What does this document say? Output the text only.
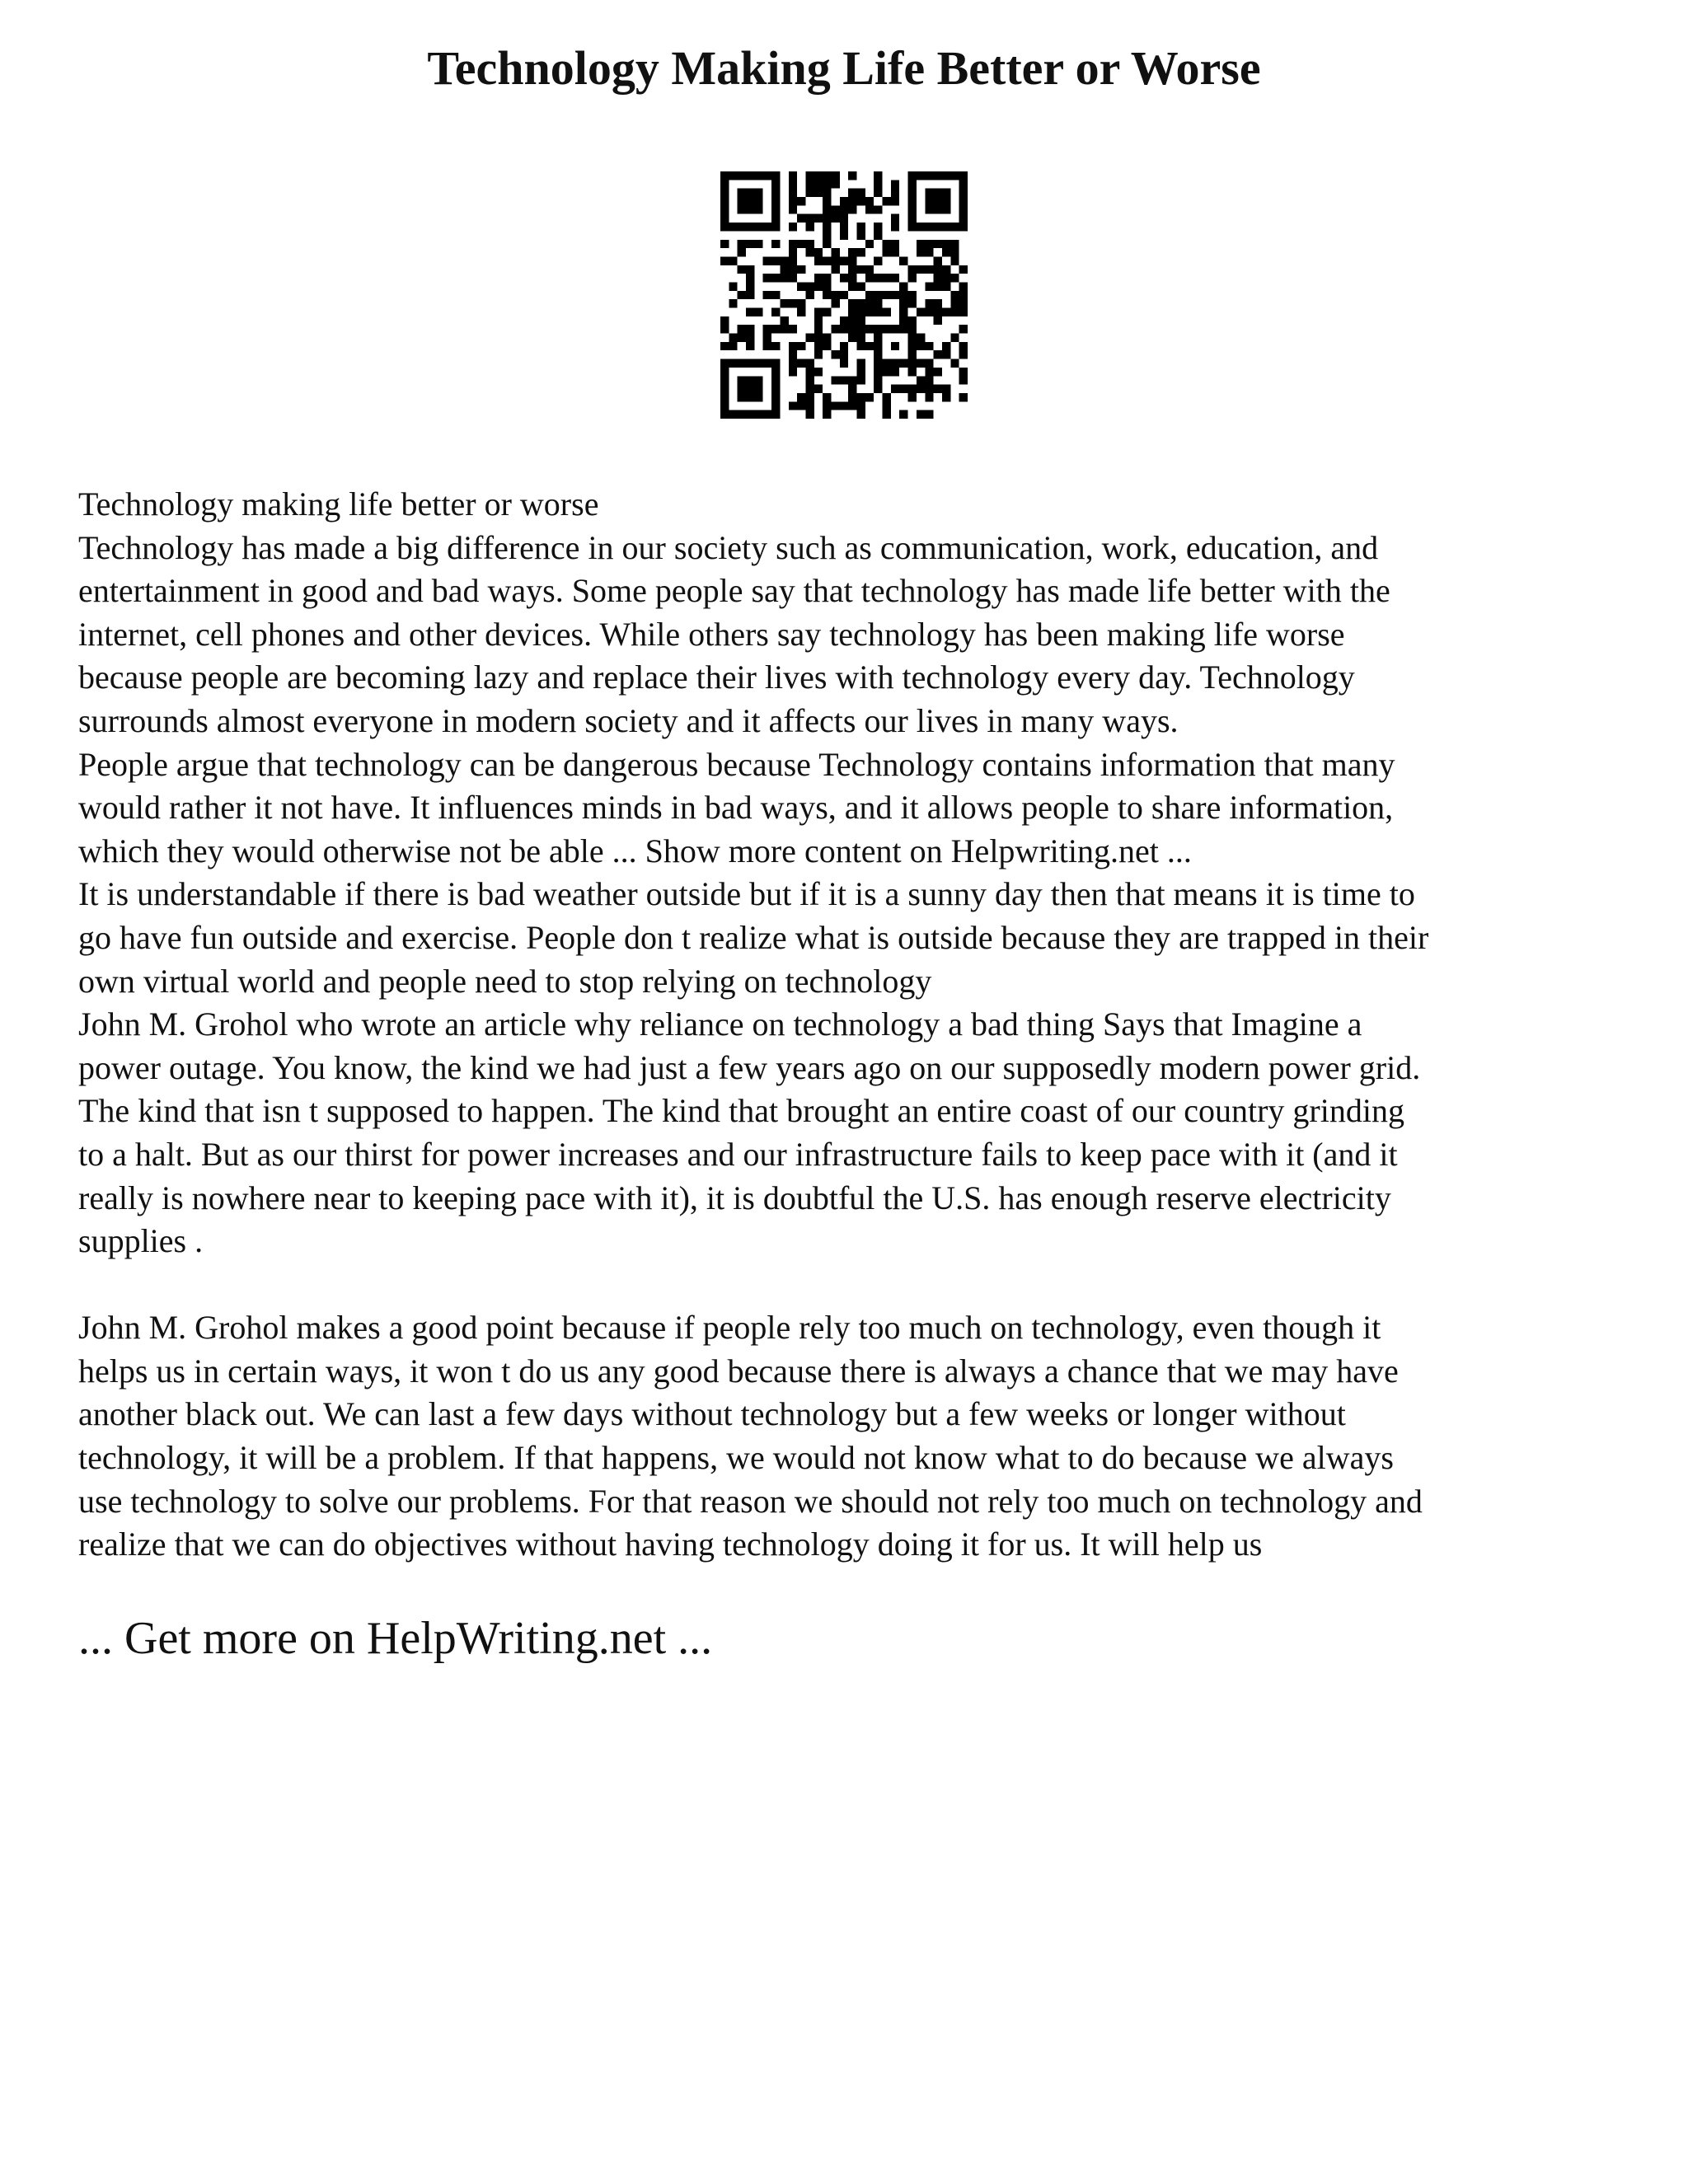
Technology Making Life Better or Worse
Technology making life better or worse
Technology has made a big difference in our society such as communication, work, education, and
entertainment in good and bad ways. Some people say that technology has made life better with the
internet, cell phones and other devices. While others say technology has been making life worse
because people are becoming lazy and replace their lives with technology every day. Technology
surrounds almost everyone in modern society and it affects our lives in many ways.
People argue that technology can be dangerous because Technology contains information that many
would rather it not have. It influences minds in bad ways, and it allows people to share information,
which they would otherwise not be able ... Show more content on Helpwriting.net ...
It is understandable if there is bad weather outside but if it is a sunny day then that means it is time to
go have fun outside and exercise. People don t realize what is outside because they are trapped in their
own virtual world and people need to stop relying on technology
John M. Grohol who wrote an article why reliance on technology a bad thing Says that Imagine a
power outage. You know, the kind we had just a few years ago on our supposedly modern power grid.
The kind that isn t supposed to happen. The kind that brought an entire coast of our country grinding
to a halt. But as our thirst for power increases and our infrastructure fails to keep pace with it (and it
really is nowhere near to keeping pace with it), it is doubtful the U.S. has enough reserve electricity
supplies .
John M. Grohol makes a good point because if people rely too much on technology, even though it
helps us in certain ways, it won t do us any good because there is always a chance that we may have
another black out. We can last a few days without technology but a few weeks or longer without
technology, it will be a problem. If that happens, we would not know what to do because we always
use technology to solve our problems. For that reason we should not rely too much on technology and
realize that we can do objectives without having technology doing it for us. It will help us
... Get more on HelpWriting.net ...
